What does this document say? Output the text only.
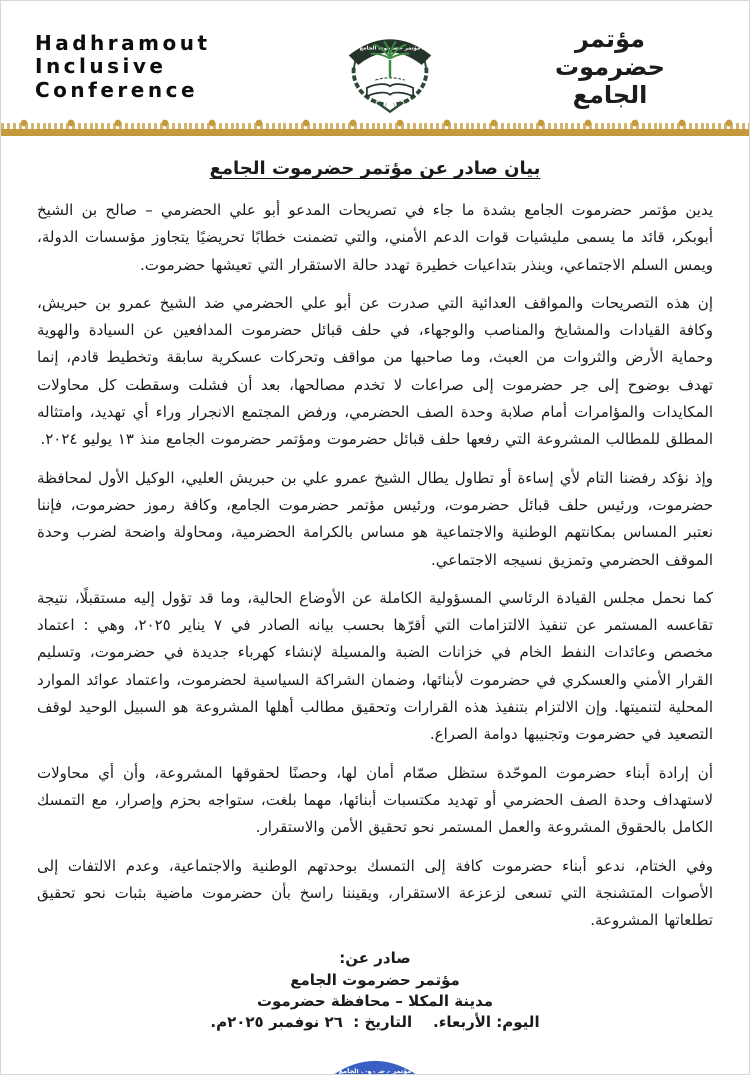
Hadhramout
Inclusive
Conference
مؤتمر حضرموت الجامع	مؤتمر
حضرموت
الجامع
بيان صادر عن مؤتمر حضرموت الجامع

يدين مؤتمر حضرموت الجامع بشدة ما جاء في تصريحات المدعو أبو علي الحضرمي – صالح بن الشيخ أبوبكر، قائد ما يسمى مليشيات قوات الدعم الأمني، والتي تضمنت خطابًا تحريضيًا يتجاوز مؤسسات الدولة، ويمس السلم الاجتماعي، وينذر بتداعيات خطيرة تهدد حالة الاستقرار التي تعيشها حضرموت.

إن هذه التصريحات والمواقف العدائية التي صدرت عن أبو علي الحضرمي ضد الشيخ عمرو بن حبريش، وكافة القيادات والمشايخ والمناصب والوجهاء، في حلف قبائل حضرموت المدافعين عن السيادة والهوية وحماية الأرض والثروات من العبث، وما صاحبها من مواقف وتحركات عسكرية سابقة وتخطيط قادم، إنما تهدف بوضوح إلى جر حضرموت إلى صراعات لا تخدم مصالحها، بعد أن فشلت وسقطت كل محاولات المكايدات والمؤامرات أمام صلابة وحدة الصف الحضرمي، ورفض المجتمع الانجرار وراء أي تهديد، وامتثاله المطلق للمطالب المشروعة التي رفعها حلف قبائل حضرموت ومؤتمر حضرموت الجامع منذ ١٣ يوليو ٢٠٢٤.

وإذ نؤكد رفضنا التام لأي إساءة أو تطاول يطال الشيخ عمرو علي بن حبريش العليي، الوكيل الأول لمحافظة حضرموت، ورئيس حلف قبائل حضرموت، ورئيس مؤتمر حضرموت الجامع، وكافة رموز حضرموت، فإننا نعتبر المساس بمكانتهم الوطنية والاجتماعية هو مساس بالكرامة الحضرمية، ومحاولة واضحة لضرب وحدة الموقف الحضرمي وتمزيق نسيجه الاجتماعي.

كما نحمل مجلس القيادة الرئاسي المسؤولية الكاملة عن الأوضاع الحالية، وما قد تؤول إليه مستقبلًا، نتيجة تقاعسه المستمر عن تنفيذ الالتزامات التي أقرّها بحسب بيانه الصادر في ٧ يناير ٢٠٢٥، وهي : اعتماد مخصص وعائدات النفط الخام في خزانات الضبة والمسيلة لإنشاء كهرباء جديدة في حضرموت، وتسليم القرار الأمني والعسكري في حضرموت لأبنائها، وضمان الشراكة السياسية لحضرموت، واعتماد عوائد الموارد المحلية لتنميتها. وإن الالتزام بتنفيذ هذه القرارات وتحقيق مطالب أهلها المشروعة هو السبيل الوحيد لوقف التصعيد في حضرموت وتجنيبها دوامة الصراع.

أن إرادة أبناء حضرموت الموحّدة ستظل صمّام أمان لها، وحصنًا لحقوقها المشروعة، وأن أي محاولات لاستهداف وحدة الصف الحضرمي أو تهديد مكتسبات أبنائها، مهما بلغت، ستواجه بحزم وإصرار، مع التمسك الكامل بالحقوق المشروعة والعمل المستمر نحو تحقيق الأمن والاستقرار.

وفي الختام، ندعو أبناء حضرموت كافة إلى التمسك بوحدتهم الوطنية والاجتماعية، وعدم الالتفات إلى الأصوات المتشنجة التي تسعى لزعزعة الاستقرار، ويقيننا راسخ بأن حضرموت ماضية بثبات نحو تحقيق تطلعاتها المشروعة.

صادر عن:
مؤتمر حضرموت الجامع
مدينة المكلا – محافظة حضرموت
اليوم: الأربعاء.    التاريخ :  ٢٦ نوفمبر ٢٠٢٥م.
مؤتمر حضرموت الجامع
